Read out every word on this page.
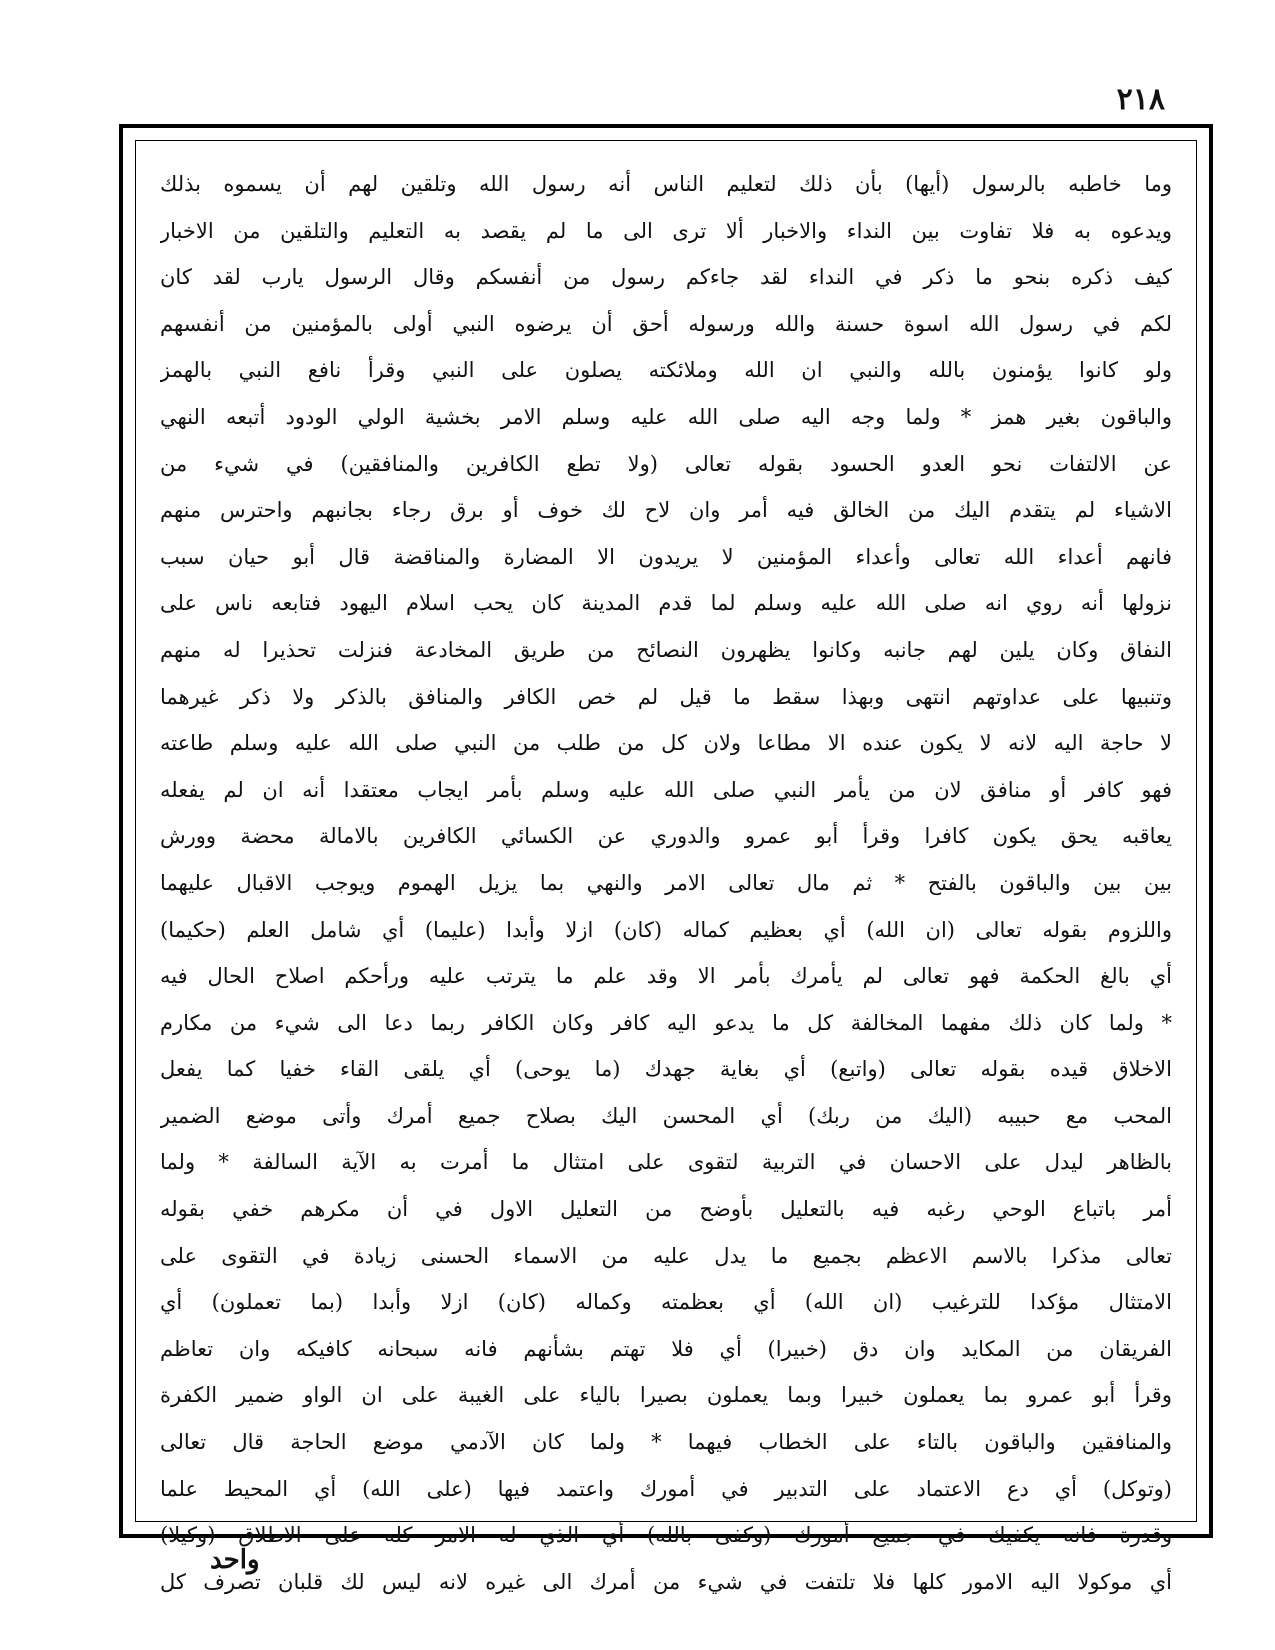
٢١٨
وما خاطبه بالرسول (أيها) بأن ذلك لتعليم الناس أنه رسول الله وتلقين لهم أن يسموه بذلك
ويدعوه به فلا تفاوت بين النداء والاخبار ألا ترى الى ما لم يقصد به التعليم والتلقين من الاخبار
كيف ذكره بنحو ما ذكر في النداء لقد جاءكم رسول من أنفسكم وقال الرسول يارب لقد كان
لكم في رسول الله اسوة حسنة والله ورسوله أحق أن يرضوه النبي أولى بالمؤمنين من أنفسهم
ولو كانوا يؤمنون بالله والنبي ان الله وملائكته يصلون على النبي وقرأ نافع النبي بالهمز
والباقون بغير همز * ولما وجه اليه صلى الله عليه وسلم الامر بخشية الولي الودود أتبعه النهي
عن الالتفات نحو العدو الحسود بقوله تعالى (ولا تطع الكافرين والمنافقين) في شيء من
الاشياء لم يتقدم اليك من الخالق فيه أمر وان لاح لك خوف أو برق رجاء بجانبهم واحترس منهم
فانهم أعداء الله تعالى وأعداء المؤمنين لا يريدون الا المضارة والمناقضة قال أبو حيان سبب
نزولها أنه روي انه صلى الله عليه وسلم لما قدم المدينة كان يحب اسلام اليهود فتابعه ناس على
النفاق وكان يلين لهم جانبه وكانوا يظهرون النصائح من طريق المخادعة فنزلت تحذيرا له منهم
وتنبيها على عداوتهم انتهى وبهذا سقط ما قيل لم خص الكافر والمنافق بالذكر ولا ذكر غيرهما
لا حاجة اليه لانه لا يكون عنده الا مطاعا ولان كل من طلب من النبي صلى الله عليه وسلم طاعته
فهو كافر أو منافق لان من يأمر النبي صلى الله عليه وسلم بأمر ايجاب معتقدا أنه ان لم يفعله
يعاقبه يحق يكون كافرا وقرأ أبو عمرو والدوري عن الكسائي الكافرين بالامالة محضة وورش
بين بين والباقون بالفتح * ثم مال تعالى الامر والنهي بما يزيل الهموم ويوجب الاقبال عليهما
واللزوم بقوله تعالى (ان الله) أي بعظيم كماله (كان) ازلا وأبدا (عليما) أي شامل العلم (حكيما)
أي بالغ الحكمة فهو تعالى لم يأمرك بأمر الا وقد علم ما يترتب عليه ورأحكم اصلاح الحال فيه
* ولما كان ذلك مفهما المخالفة كل ما يدعو اليه كافر وكان الكافر ربما دعا الى شيء من مكارم
الاخلاق قيده بقوله تعالى (واتبع) أي بغاية جهدك (ما يوحى) أي يلقى القاء خفيا كما يفعل
المحب مع حبيبه (اليك من ربك) أي المحسن اليك بصلاح جميع أمرك وأتى موضع الضمير
بالظاهر ليدل على الاحسان في التربية لتقوى على امتثال ما أمرت به الآية السالفة * ولما
أمر باتباع الوحي رغبه فيه بالتعليل بأوضح من التعليل الاول في أن مكرهم خفي بقوله
تعالى مذكرا بالاسم الاعظم بجميع ما يدل عليه من الاسماء الحسنى زيادة في التقوى على
الامتثال مؤكدا للترغيب (ان الله) أي بعظمته وكماله (كان) ازلا وأبدا (بما تعملون) أي
الفريقان من المكايد وان دق (خبيرا) أي فلا تهتم بشأنهم فانه سبحانه كافيكه وان تعاظم
وقرأ أبو عمرو بما يعملون خبيرا وبما يعملون بصيرا بالياء على الغيبة على ان الواو ضمير الكفرة
والمنافقين والباقون بالتاء على الخطاب فيهما * ولما كان الآدمي موضع الحاجة قال تعالى
(وتوكل) أي دع الاعتماد على التدبير في أمورك واعتمد فيها (على الله) أي المحيط علما
وقدرة فانه يكفيك في جميع أمورك (وكفى بالله) أي الذي له الامر كله على الاطلاق (وكيلا)
أي موكولا اليه الامور كلها فلا تلتفت في شيء من أمرك الى غيره لانه ليس لك قلبان تصرف كل
واحد
